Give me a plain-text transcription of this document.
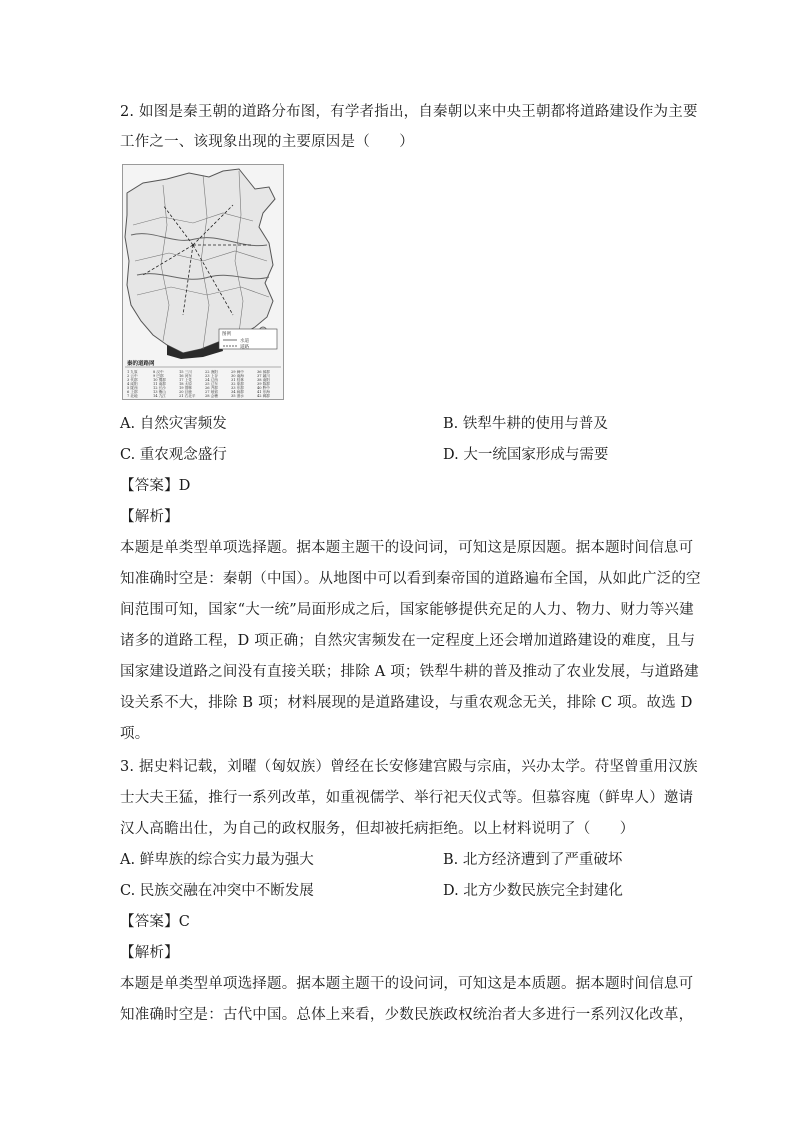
2. 如图是秦王朝的道路分布图，有学者指出，自秦朝以来中央王朝都将道路建设作为主要
工作之一、该现象出现的主要原因是（　　）
图例
水道
道路
秦的道路网
1 九原
2 云中
3 代郡
4 咸阳
5 陇西
6 上郡
7 北地
8 汉中
9 巴郡
10 蜀郡
11 南郡
12 长沙
13 衡山
14 九江
15 三川
16 河东
17 上党
18 太原
19 邯郸
20 巨鹿
21 右北平
22 渔阳
23 上谷
24 辽西
25 辽东
26 齐郡
27 琅邪
28 会稽
29 闽中
30 南海
31 桂林
32 象郡
33 东郡
34 砀郡
35 泗水
36 薛郡
37 颍川
38 南阳
39 陈郡
40 黔中
41 东海
42 鄣郡
A. 自然灾害频发	B. 铁犁牛耕的使用与普及
C. 重农观念盛行	D. 大一统国家形成与需要
【答案】D
【解析】
本题是单类型单项选择题。据本题主题干的设问词，可知这是原因题。据本题时间信息可
知准确时空是：秦朝（中国）。从地图中可以看到秦帝国的道路遍布全国，从如此广泛的空
间范围可知，国家“大一统”局面形成之后，国家能够提供充足的人力、物力、财力等兴建
诸多的道路工程，D 项正确；自然灾害频发在一定程度上还会增加道路建设的难度，且与
国家建设道路之间没有直接关联；排除 A 项；铁犁牛耕的普及推动了农业发展，与道路建
设关系不大，排除 B 项；材料展现的是道路建设，与重农观念无关，排除 C 项。故选 D
项。
3. 据史料记载，刘曜（匈奴族）曾经在长安修建宫殿与宗庙，兴办太学。苻坚曾重用汉族
士大夫王猛，推行一系列改革，如重视儒学、举行祀天仪式等。但慕容廆（鲜卑人）邀请
汉人高瞻出仕，为自己的政权服务，但却被托病拒绝。以上材料说明了（　　）
A. 鲜卑族的综合实力最为强大	B. 北方经济遭到了严重破坏
C. 民族交融在冲突中不断发展	D. 北方少数民族完全封建化
【答案】C
【解析】
本题是单类型单项选择题。据本题主题干的设问词，可知这是本质题。据本题时间信息可
知准确时空是：古代中国。总体上来看，少数民族政权统治者大多进行一系列汉化改革，
